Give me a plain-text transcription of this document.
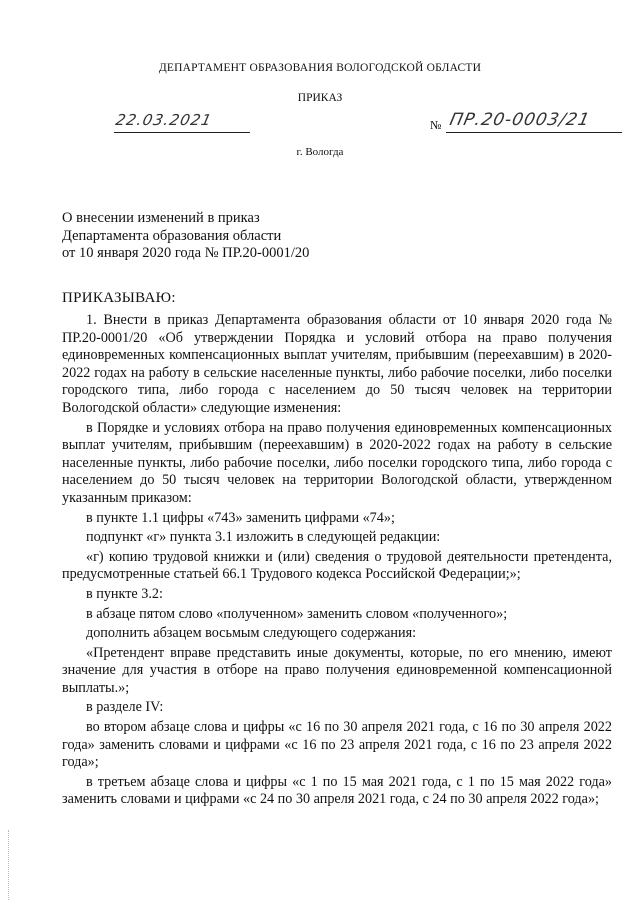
ДЕПАРТАМЕНТ ОБРАЗОВАНИЯ ВОЛОГОДСКОЙ ОБЛАСТИ
ПРИКАЗ
22.03.2021	№ ПР.20-0003/21
г. Вологда
О внесении изменений в приказ
Департамента образования области
от 10 января 2020 года № ПР.20-0001/20
ПРИКАЗЫВАЮ:

1. Внести в приказ Департамента образования области от 10 января 2020 года № ПР.20-0001/20 «Об утверждении Порядка и условий отбора на право получения единовременных компенсационных выплат учителям, прибывшим (переехавшим) в 2020-2022 годах на работу в сельские населенные пункты, либо рабочие поселки, либо поселки городского типа, либо города с населением до 50 тысяч человек на территории Вологодской области» следующие изменения:

в Порядке и условиях отбора на право получения единовременных компенсационных выплат учителям, прибывшим (переехавшим) в 2020-2022 годах на работу в сельские населенные пункты, либо рабочие поселки, либо поселки городского типа, либо города с населением до 50 тысяч человек на территории Вологодской области, утвержденном указанным приказом:

в пункте 1.1 цифры «743» заменить цифрами «74»;

подпункт «г» пункта 3.1 изложить в следующей редакции:

«г) копию трудовой книжки и (или) сведения о трудовой деятельности претендента, предусмотренные статьей 66.1 Трудового кодекса Российской Федерации;»;

в пункте 3.2:

в абзаце пятом слово «полученном» заменить словом «полученного»;

дополнить абзацем восьмым следующего содержания:

«Претендент вправе представить иные документы, которые, по его мнению, имеют значение для участия в отборе на право получения единовременной компенсационной выплаты.»;

в разделе IV:

во втором абзаце слова и цифры «с 16 по 30 апреля 2021 года, с 16 по 30 апреля 2022 года» заменить словами и цифрами «с 16 по 23 апреля 2021 года, с 16 по 23 апреля 2022 года»;

в третьем абзаце слова и цифры «с 1 по 15 мая 2021 года, с 1 по 15 мая 2022 года» заменить словами и цифрами «с 24 по 30 апреля 2021 года, с 24 по 30 апреля 2022 года»;
